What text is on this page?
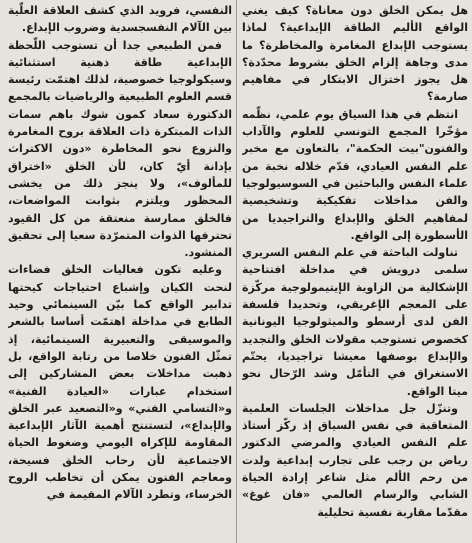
هل يمكن الخلق دون معاناة؟ كيف يغني الواقع الأليم الطاقة الإبداعية؟ لماذا يستوجب الإبداع المغامرة والمخاطرة؟ ما مدى وجاهة إلزام الخلق بشروط محدّدة؟ هل يجوز اختزال الابتكار في مفاهيم صارمة؟

انتظم في هذا السياق يوم علمي، نظّمه مؤخّرا المجمع التونسي للعلوم والآداب والفنون"بيت الحكمة"، بالتعاون مع مخبر علم النفس العيادي، قدّم خلاله نخبة من علماء النفس والباحثين في السوسيولوجيا والفن مداخلات تفكيكية وتشخيصية لمفاهيم الخلق والإبداع والتراجيديا من الأسطورة إلى الواقع.

تناولت الباحثة في علم النفس السريري سلمى درويش في مداخلة افتتاحية الإشكالية من الزاوية الإيتيمولوجية مركّزة على المعجم الإغريقي، وتحديدا فلسفة الفن لدى أرسطو والميثولوجيا اليونانية كخصوص تستوجب مقولات الخلق والتجديد والإبداع بوصفها معيشا تراجيديا، يحتّم الاستغراق في التأمّل وشد الرّحال نحو ميتا الواقع.

وتنزّل جل مداخلات الجلسات العلمية المتعاقبة في نفس السياق إذ ركّز أستاذ علم النفس العيادي والمرضي الدكتور رياض بن رجب على تجارب إبداعية ولدت من رحم الألم مثل شاعر إرادة الحياة الشابي والرسام العالمي «فان غوغ» مقدّما مقاربة نفسية تحليلية

النفسي، فرويد الذي كشف العلاقة العلّية بين الآلام النفسجسدية وضروب الإبداع.

فمن الطبيعي جدا أن تستوجب اللّحظة الإبداعية طاقة ذهنية استثنائية وسيكولوجيا خصوصية، لذلك اهتمّت رئيسة قسم العلوم الطبيعية والرياضيات بالمجمع الدكتورة سعاد كمون شوك باهم سمات الذات المبتكرة ذات العلاقة بروح المغامرة والنزوع نحو المخاطرة «دون الاكتراث بإدانة أيّ كان، لأن الخلق «اختراق للمألوف»، ولا ينجز ذلك من يخشى المحظور ويلتزم بثوابت المواضعات، فالخلق ممارسة منعتقة من كل القيود تحترفها الذوات المتمرّدة سعيا إلى تحقيق المنشود.

وعليه تكون فعاليات الخلق فضاءات لنحت الكيان وإشباع احتياجات كيحتها تدابير الواقع كما بيّن السينمائي وحيد الطابع في مداخلة اهتمّت أساسا بالشعر والموسيقى والتعبيرية السينمائية، إذ تمثّل الفنون خلاصا من رتابة الواقع، بل ذهبت مداخلات بعض المشاركين إلى استخدام عبارات «العيادة الفنية» و«التسامي الفني» و«التصعيد عبر الخلق والإبداع»، لتستنتج أهمية الآثار الإبداعية المقاومة للإكراه اليومي وضغوط الحياة الاجتماعية لأن رحاب الخلق فسيحة، ومعاجم الفنون يمكن أن تخاطب الروح الخرساء، وتطرد الآلام المقيمة في
